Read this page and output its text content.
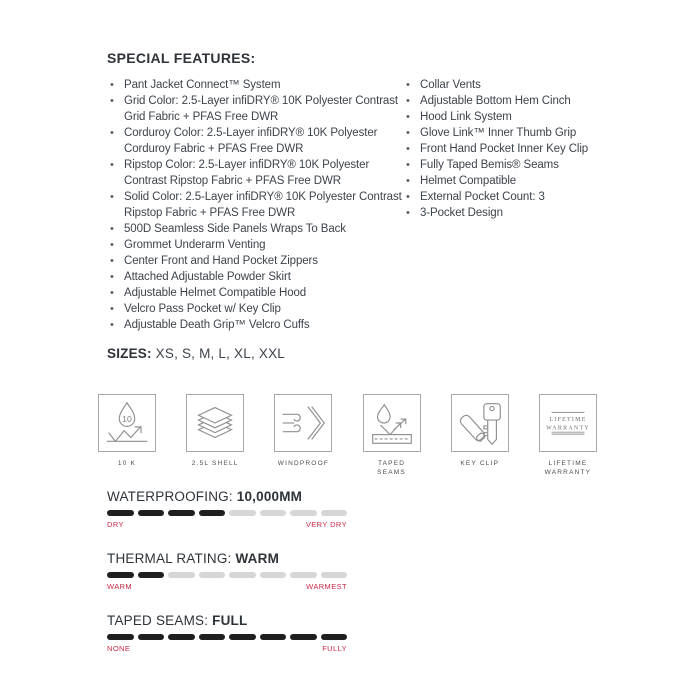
SPECIAL FEATURES:
• Pant Jacket Connect™ System
• Grid Color: 2.5-Layer infiDRY® 10K Polyester Contrast Grid Fabric + PFAS Free DWR
• Corduroy Color: 2.5-Layer infiDRY® 10K Polyester Corduroy Fabric + PFAS Free DWR
• Ripstop Color: 2.5-Layer infiDRY® 10K Polyester Contrast Ripstop Fabric + PFAS Free DWR
• Solid Color: 2.5-Layer infiDRY® 10K Polyester Contrast Ripstop Fabric + PFAS Free DWR
• 500D Seamless Side Panels Wraps To Back
• Grommet Underarm Venting
• Center Front and Hand Pocket Zippers
• Attached Adjustable Powder Skirt
• Adjustable Helmet Compatible Hood
• Velcro Pass Pocket w/ Key Clip
• Adjustable Death Grip™ Velcro Cuffs
• Collar Vents
• Adjustable Bottom Hem Cinch
• Hood Link System
• Glove Link™ Inner Thumb Grip
• Front Hand Pocket Inner Key Clip
• Fully Taped Bemis® Seams
• Helmet Compatible
• External Pocket Count: 3
• 3-Pocket Design
SIZES: XS, S, M, L, XL, XXL
10
10 K	2.5L SHELL	WINDPROOF	TAPED SEAMS
KEY CLIP
LIFETIME
WARRANTY
LIFETIME WARRANTY
WATERPROOFING: 10,000MM
DRY	VERY DRY
THERMAL RATING: WARM
WARM	WARMEST
TAPED SEAMS: FULL
NONE	FULLY
